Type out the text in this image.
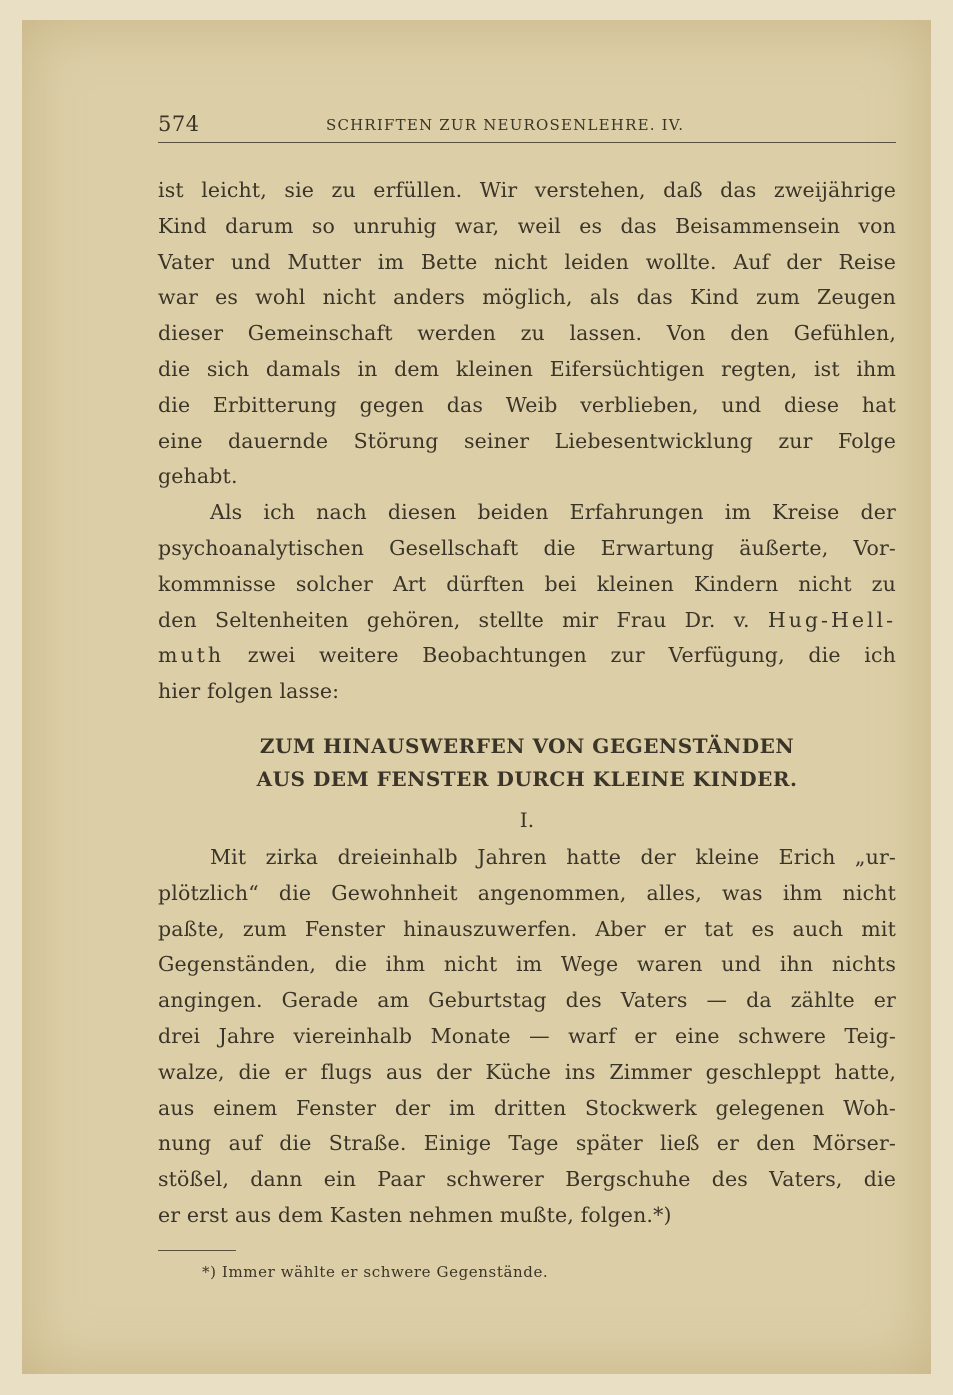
574	SCHRIFTEN ZUR NEUROSENLEHRE. IV.
ist leicht, sie zu erfüllen. Wir verstehen, daß das zweijährige
Kind darum so unruhig war, weil es das Beisammensein von
Vater und Mutter im Bette nicht leiden wollte. Auf der Reise
war es wohl nicht anders möglich, als das Kind zum Zeugen
dieser Gemeinschaft werden zu lassen. Von den Gefühlen,
die sich damals in dem kleinen Eifersüchtigen regten, ist ihm
die Erbitterung gegen das Weib verblieben, und diese hat
eine dauernde Störung seiner Liebesentwicklung zur Folge
gehabt.
Als ich nach diesen beiden Erfahrungen im Kreise der
psychoanalytischen Gesellschaft die Erwartung äußerte, Vor-
kommnisse solcher Art dürften bei kleinen Kindern nicht zu
den Seltenheiten gehören, stellte mir Frau Dr. v. Hug-Hell-
muth zwei weitere Beobachtungen zur Verfügung, die ich
hier folgen lasse:
ZUM HINAUSWERFEN VON GEGENSTÄNDEN
AUS DEM FENSTER DURCH KLEINE KINDER.
I.
Mit zirka dreieinhalb Jahren hatte der kleine Erich „ur-
plötzlich“ die Gewohnheit angenommen, alles, was ihm nicht
paßte, zum Fenster hinauszuwerfen. Aber er tat es auch mit
Gegenständen, die ihm nicht im Wege waren und ihn nichts
angingen. Gerade am Geburtstag des Vaters — da zählte er
drei Jahre viereinhalb Monate — warf er eine schwere Teig-
walze, die er flugs aus der Küche ins Zimmer geschleppt hatte,
aus einem Fenster der im dritten Stockwerk gelegenen Woh-
nung auf die Straße. Einige Tage später ließ er den Mörser-
stößel, dann ein Paar schwerer Bergschuhe des Vaters, die
er erst aus dem Kasten nehmen mußte, folgen.*)
*) Immer wählte er schwere Gegenstände.
